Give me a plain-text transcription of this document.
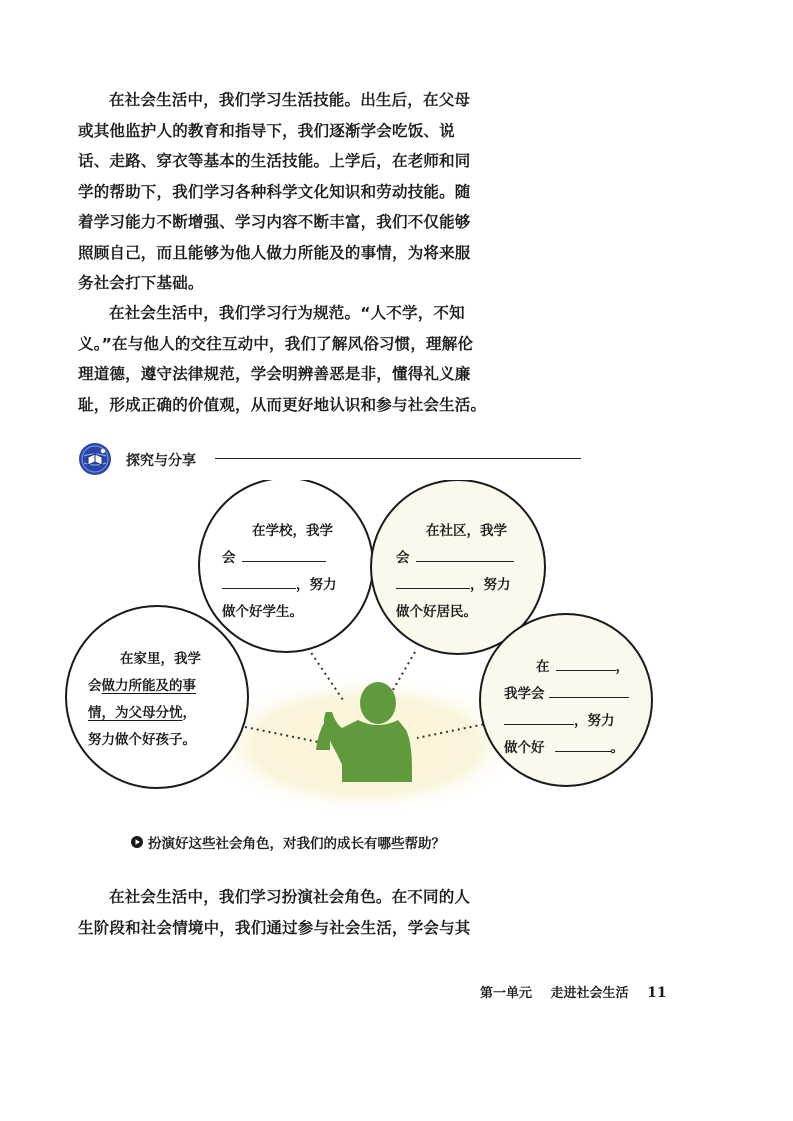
在社会生活中，我们学习生活技能。出生后，在父母
或其他监护人的教育和指导下，我们逐渐学会吃饭、说
话、走路、穿衣等基本的生活技能。上学后，在老师和同
学的帮助下，我们学习各种科学文化知识和劳动技能。随
着学习能力不断增强、学习内容不断丰富，我们不仅能够
照顾自己，而且能够为他人做力所能及的事情，为将来服
务社会打下基础。
在社会生活中，我们学习行为规范。“人不学，不知
义。”在与他人的交往互动中，我们了解风俗习惯，理解伦
理道德，遵守法律规范，学会明辨善恶是非，懂得礼义廉
耻，形成正确的价值观，从而更好地认识和参与社会生活。
探究与分享
在家里，我学
会做力所能及的事
情，为父母分忧，
努力做个好孩子。
在学校，我学
会
，努力
做个好学生。
在社区，我学
会
，努力
做个好居民。
在	，
我学会
，努力
做个好	。
扮演好这些社会角色，对我们的成长有哪些帮助？
在社会生活中，我们学习扮演社会角色。在不同的人
生阶段和社会情境中，我们通过参与社会生活，学会与其
第一单元 走进社会生活 11
